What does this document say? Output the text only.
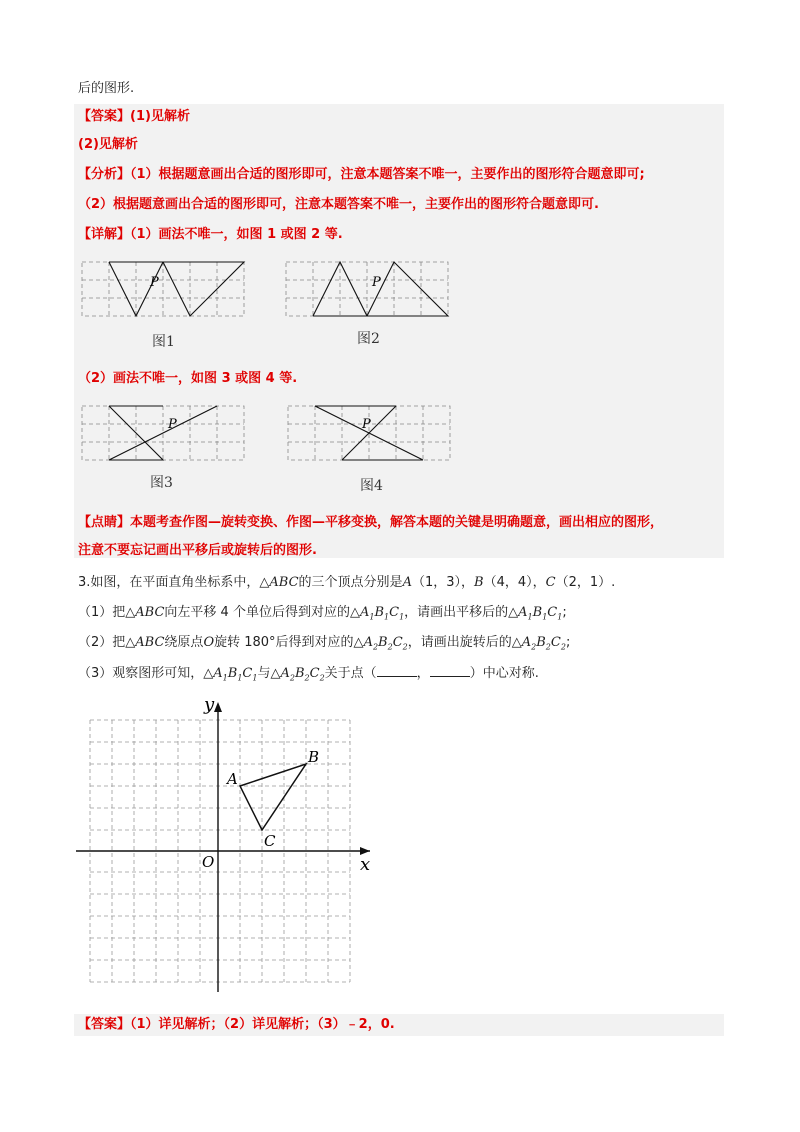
后的图形.
【答案】(1)见解析
(2)见解析
【分析】（1）根据题意画出合适的图形即可，注意本题答案不唯一，主要作出的图形符合题意即可;
（2）根据题意画出合适的图形即可，注意本题答案不唯一，主要作出的图形符合题意即可.
【详解】（1）画法不唯一，如图 1 或图 2 等.
P	P
图1	图2
（2）画法不唯一，如图 3 或图 4 等.
P	P
图3	图4
【点睛】本题考查作图—旋转变换、作图—平移变换，解答本题的关键是明确题意，画出相应的图形，
注意不要忘记画出平移后或旋转后的图形.
3.如图，在平面直角坐标系中，△ABC的三个顶点分别是A（1，3），B（4，4），C（2，1）.
（1）把△ABC向左平移 4 个单位后得到对应的$\triangle A_1B_1C_1$，请画出平移后的$\triangle A_1B_1C_1$;
（2）把△ABC绕原点O旋转 180°后得到对应的$\triangle A_2B_2C_2$，请画出旋转后的$\triangle A_2B_2C_2$;
（3）观察图形可知，$\triangle A_1B_1C_1$与$\triangle A_2B_2C_2$关于点（	，	）中心对称.
x
y
O
A
B
C
【答案】（1）详见解析；（2）详见解析；（3）﹣2，0.
